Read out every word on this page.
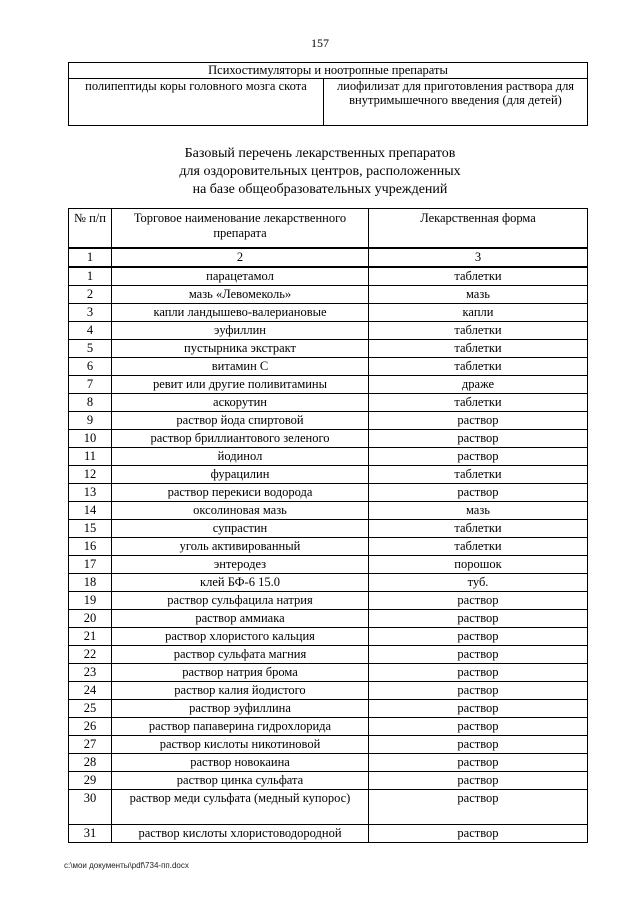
157
Психостимуляторы и ноотропные препараты
полипептиды коры головного мозга скота	лиофилизат для приготовления раствора для внутримышечного введения (для детей)
Базовый перечень лекарственных препаратов
для оздоровительных центров, расположенных
на базе общеобразовательных учреждений
№ п/п	Торговое наименование лекарственного препарата	Лекарственная форма
1	2	3
1	парацетамол	таблетки
2	мазь «Левомеколь»	мазь
3	капли ландышево-валериановые	капли
4	эуфиллин	таблетки
5	пустырника экстракт	таблетки
6	витамин С	таблетки
7	ревит или другие поливитамины	драже
8	аскорутин	таблетки
9	раствор йода спиртовой	раствор
10	раствор бриллиантового зеленого	раствор
11	йодинол	раствор
12	фурацилин	таблетки
13	раствор перекиси водорода	раствор
14	оксолиновая мазь	мазь
15	супрастин	таблетки
16	уголь активированный	таблетки
17	энтеродез	порошок
18	клей БФ-6 15.0	туб.
19	раствор сульфацила натрия	раствор
20	раствор аммиака	раствор
21	раствор хлористого кальция	раствор
22	раствор сульфата магния	раствор
23	раствор натрия брома	раствор
24	раствор калия йодистого	раствор
25	раствор эуфиллина	раствор
26	раствор папаверина гидрохлорида	раствор
27	раствор кислоты никотиновой	раствор
28	раствор новокаина	раствор
29	раствор цинка сульфата	раствор
30	раствор меди сульфата (медный купорос)	раствор
31	раствор кислоты хлористоводородной	раствор
c:\мои документы\pdf\734-пп.docx
